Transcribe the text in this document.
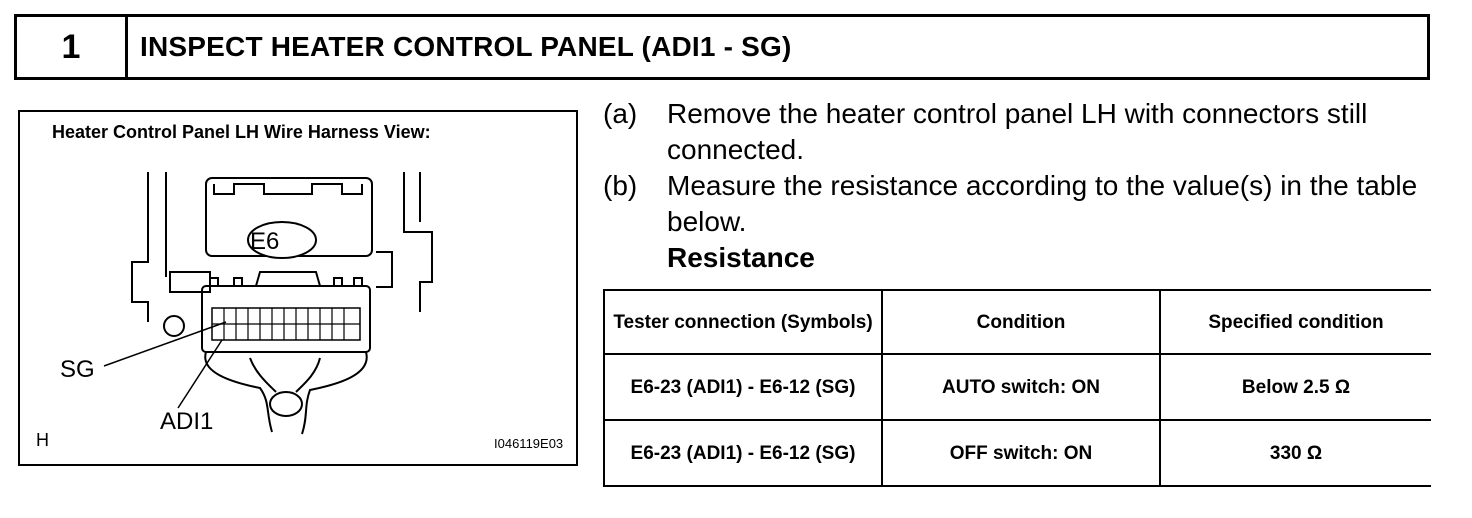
1	INSPECT HEATER CONTROL PANEL (ADI1 - SG)
Heater Control Panel LH Wire Harness View:
E6
SG
ADI1
H	I046119E03
(a)	Remove the heater control panel LH with connectors still connected.
(b)	Measure the resistance according to the value(s) in the table below.
Resistance
Tester connection (Symbols)	Condition	Specified condition
E6-23 (ADI1) - E6-12 (SG)	AUTO switch: ON	Below 2.5 Ω
E6-23 (ADI1) - E6-12 (SG)	OFF switch: ON	330 Ω
